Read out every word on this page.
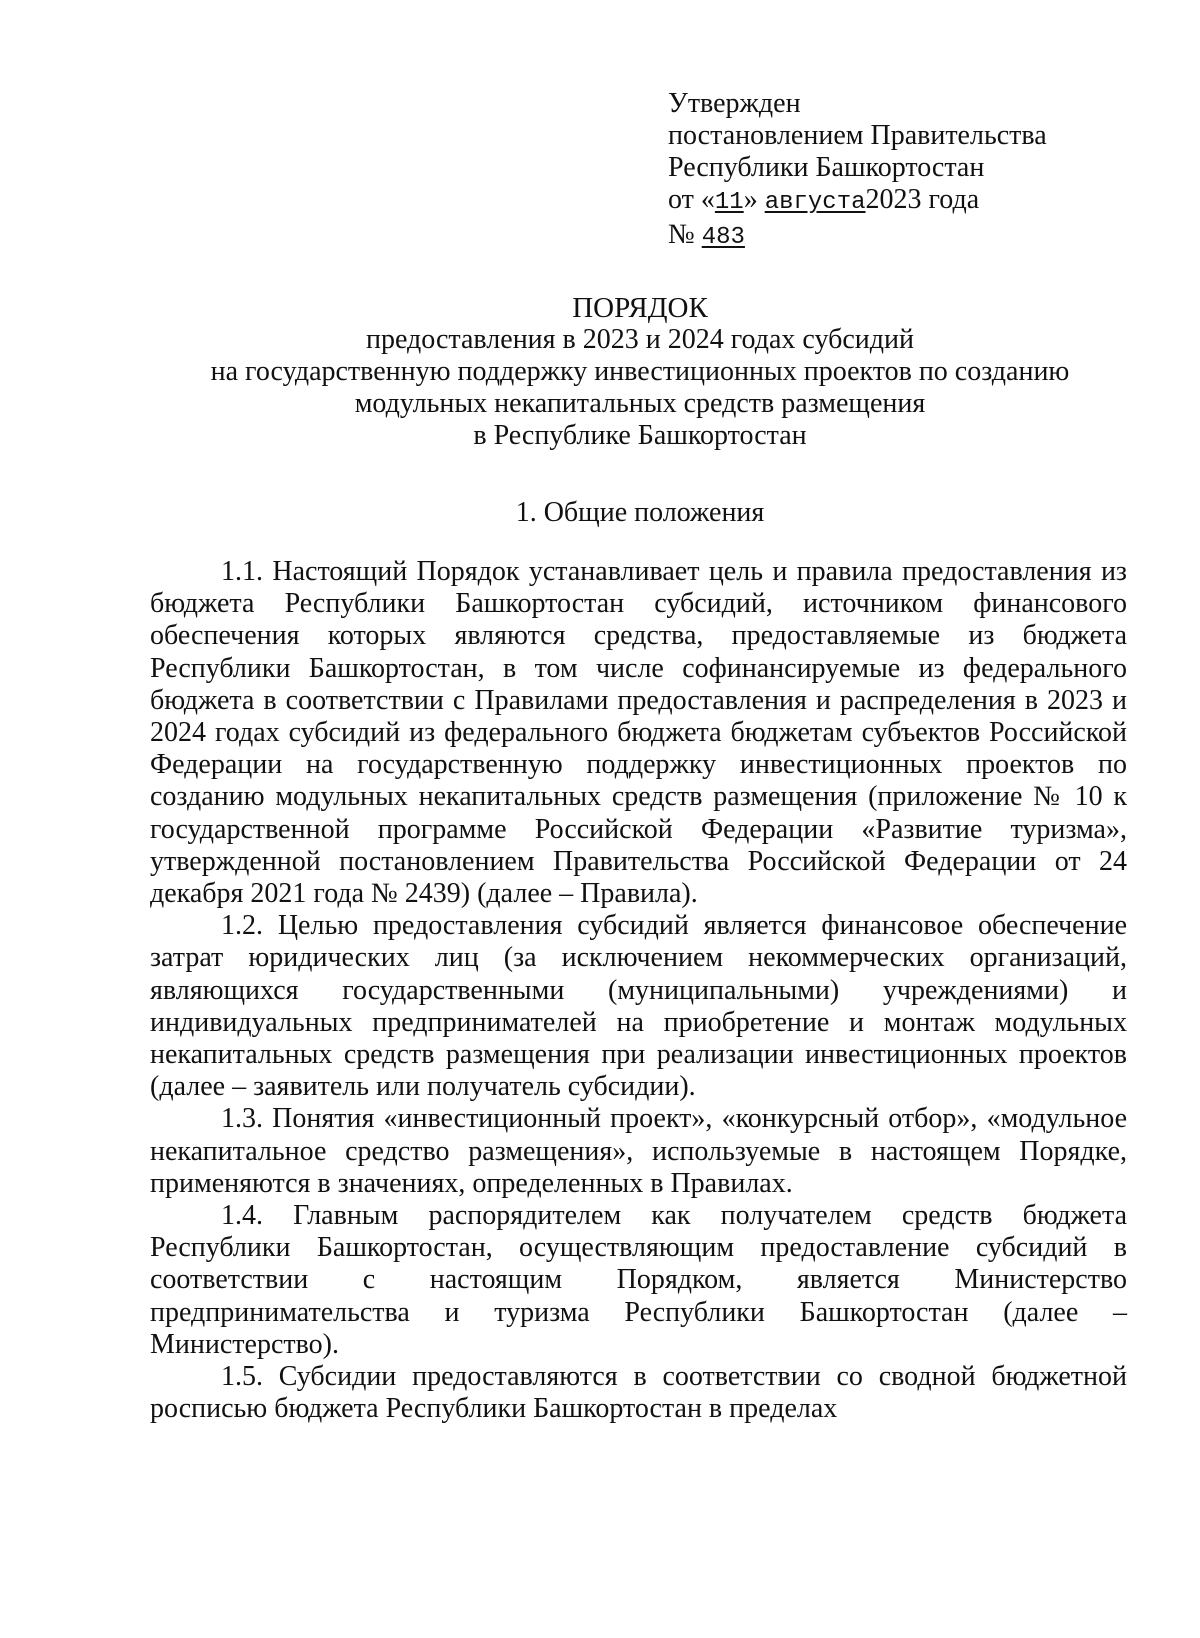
Утвержден
постановлением Правительства
Республики Башкортостан
от «11» августа2023 года
№ 483
ПОРЯДОК
предоставления в 2023 и 2024 годах субсидий
на государственную поддержку инвестиционных проектов по созданию
модульных некапитальных средств размещения
в Республике Башкортостан
1. Общие положения

1.1. Настоящий Порядок устанавливает цель и правила предоставления из бюджета Республики Башкортостан субсидий, источником финансового обеспечения которых являются средства, предоставляемые из бюджета Республики Башкортостан, в том числе софинансируемые из федерального бюджета в соответствии с Правилами предоставления и распределения в 2023 и 2024 годах субсидий из федерального бюджета бюджетам субъектов Российской Федерации на государственную поддержку инвестиционных проектов по созданию модульных некапитальных средств размещения (приложение № 10 к государственной программе Российской Федерации «Развитие туризма», утвержденной постановлением Правительства Российской Федерации от 24 декабря 2021 года № 2439) (далее – Правила).

1.2. Целью предоставления субсидий является финансовое обеспечение затрат юридических лиц (за исключением некоммерческих организаций, являющихся государственными (муниципальными) учреждениями) и индивидуальных предпринимателей на приобретение и монтаж модульных некапитальных средств размещения при реализации инвестиционных проектов (далее – заявитель или получатель субсидии).

1.3. Понятия «инвестиционный проект», «конкурсный отбор», «модульное некапитальное средство размещения», используемые в настоящем Порядке, применяются в значениях, определенных в Правилах.

1.4. Главным распорядителем как получателем средств бюджета Республики Башкортостан, осуществляющим предоставление субсидий в соответствии с настоящим Порядком, является Министерство предпринимательства и туризма Республики Башкортостан (далее – Министерство).

1.5. Субсидии предоставляются в соответствии со сводной бюджетной росписью бюджета Республики Башкортостан в пределах
